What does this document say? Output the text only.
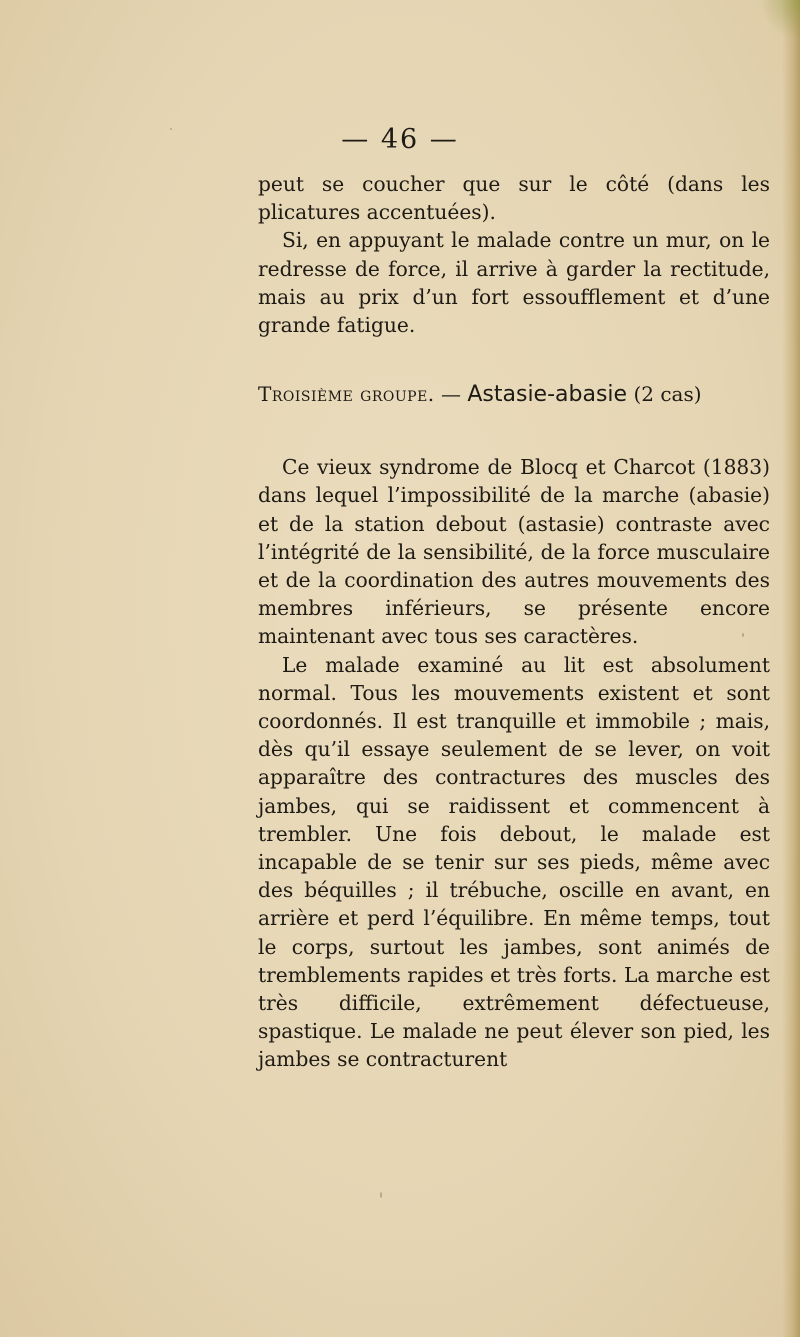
— 46 —

peut se coucher que sur le côté (dans les plicatures accentuées).

Si, en appuyant le malade contre un mur, on le redresse de force, il arrive à garder la rectitude, mais au prix d’un fort essoufflement et d’une grande fatigue.

Troisième groupe. — Astasie-abasie (2 cas)

Ce vieux syndrome de Blocq et Charcot (1883) dans lequel l’impossibilité de la marche (abasie) et de la station debout (astasie) contraste avec l’intégrité de la sensibilité, de la force musculaire et de la coordination des autres mouvements des membres inférieurs, se présente encore maintenant avec tous ses caractères.

Le malade examiné au lit est absolument normal. Tous les mouvements existent et sont coordonnés. Il est tranquille et immobile ; mais, dès qu’il essaye seulement de se lever, on voit apparaître des contractures des muscles des jambes, qui se raidissent et commencent à trembler. Une fois debout, le malade est incapable de se tenir sur ses pieds, même avec des béquilles ; il trébuche, oscille en avant, en arrière et perd l’équilibre. En même temps, tout le corps, surtout les jambes, sont animés de tremblements rapides et très forts. La marche est très difficile, extrêmement défectueuse, spastique. Le malade ne peut élever son pied, les jambes se contracturent
